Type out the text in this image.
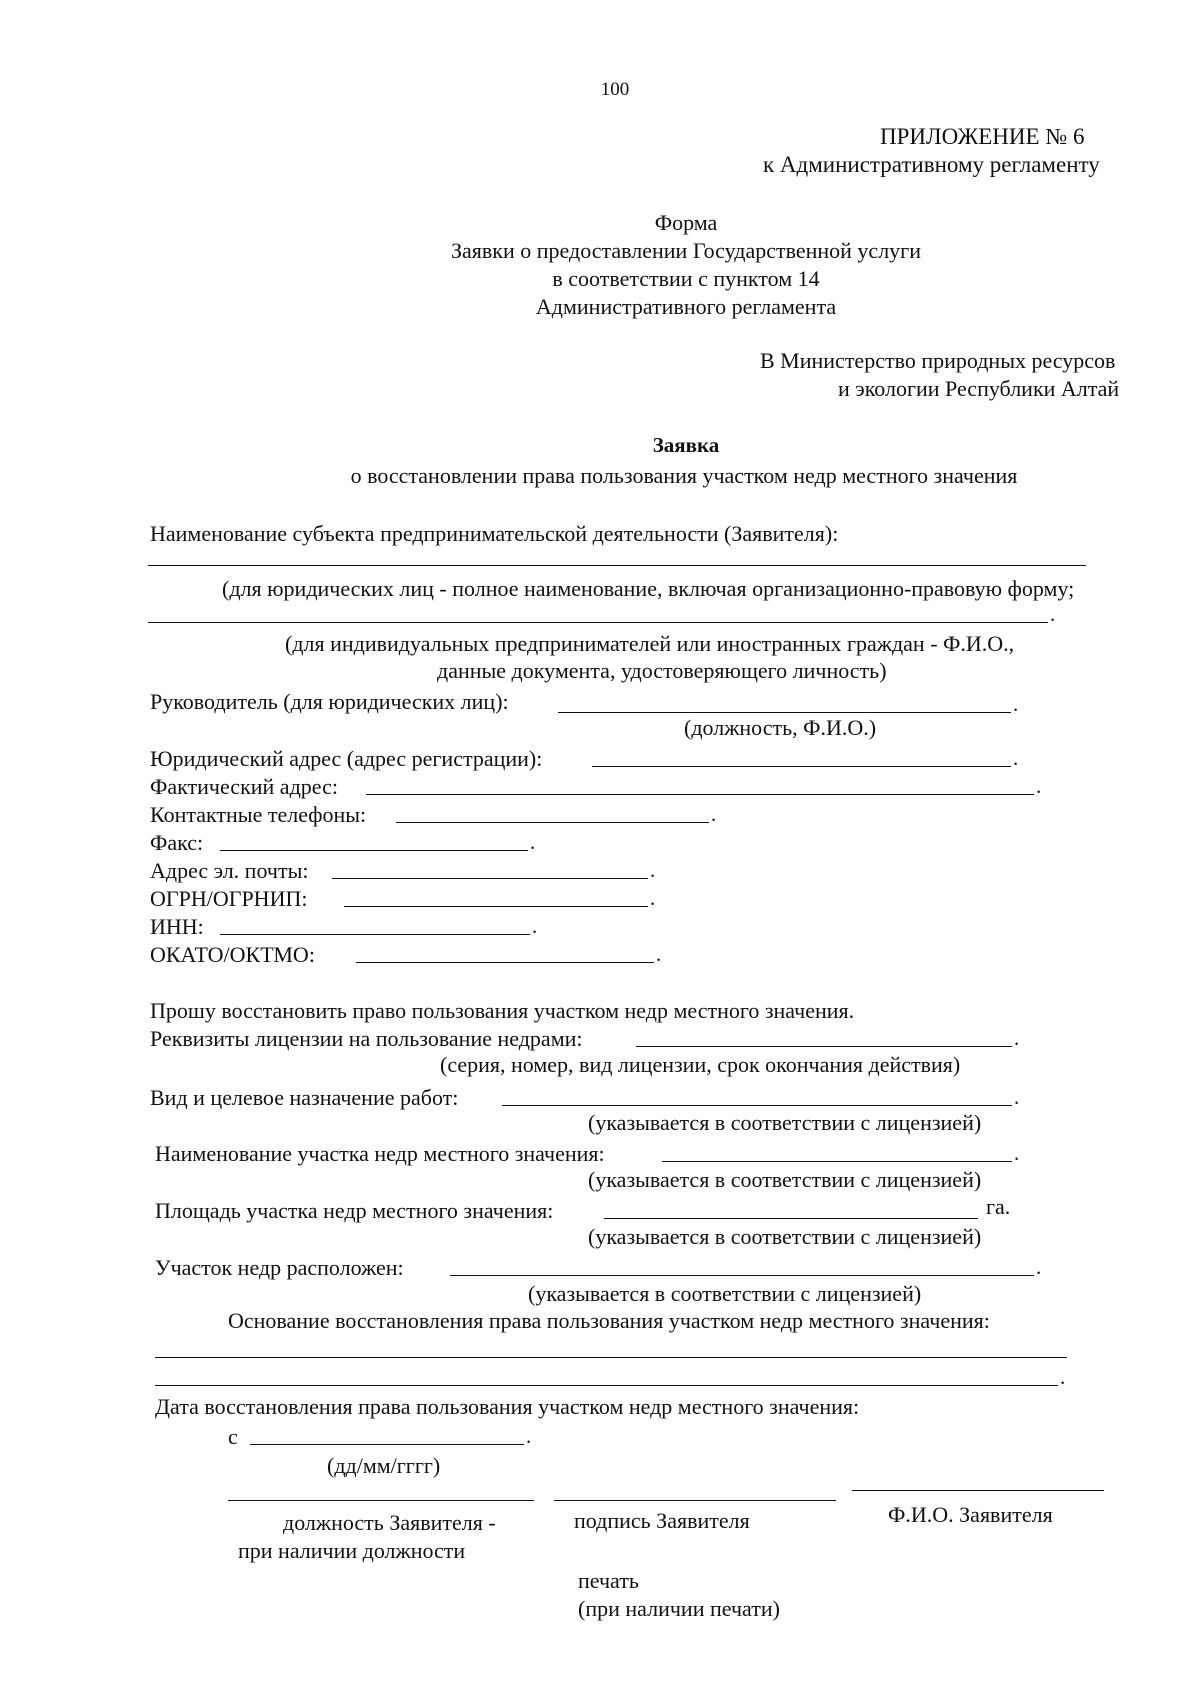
100
ПРИЛОЖЕНИЕ № 6
к Административному регламенту
Форма
Заявки о предоставлении Государственной услуги
в соответствии с пунктом 14
Административного регламента
В Министерство природных ресурсов
и экологии Республики Алтай
Заявка
о восстановлении права пользования участком недр местного значения
Наименование субъекта предпринимательской деятельности (Заявителя):
(для юридических лиц - полное наименование, включая организационно-правовую форму;
.
(для индивидуальных предпринимателей или иностранных граждан - Ф.И.О.,
данные документа, удостоверяющего личность)
Руководитель (для юридических лиц):	.
(должность, Ф.И.О.)
Юридический адрес (адрес регистрации):	.
Фактический адрес:	.
Контактные телефоны:	.
Факс:	.
Адрес эл. почты:	.
ОГРН/ОГРНИП:	.
ИНН:	.
ОКАТО/ОКТМО:	.
Прошу восстановить право пользования участком недр местного значения.
Реквизиты лицензии на пользование недрами:	.
(серия, номер, вид лицензии, срок окончания действия)
Вид и целевое назначение работ:	.
(указывается в соответствии с лицензией)
Наименование участка недр местного значения:	.
(указывается в соответствии с лицензией)
Площадь участка недр местного значения:	га.
(указывается в соответствии с лицензией)
Участок недр расположен:	.
(указывается в соответствии с лицензией)
Основание восстановления права пользования участком недр местного значения:
.
Дата восстановления права пользования участком недр местного значения:
с	.
(дд/мм/гггг)
должность Заявителя -
при наличии должности
подпись Заявителя	Ф.И.О. Заявителя
печать
(при наличии печати)
